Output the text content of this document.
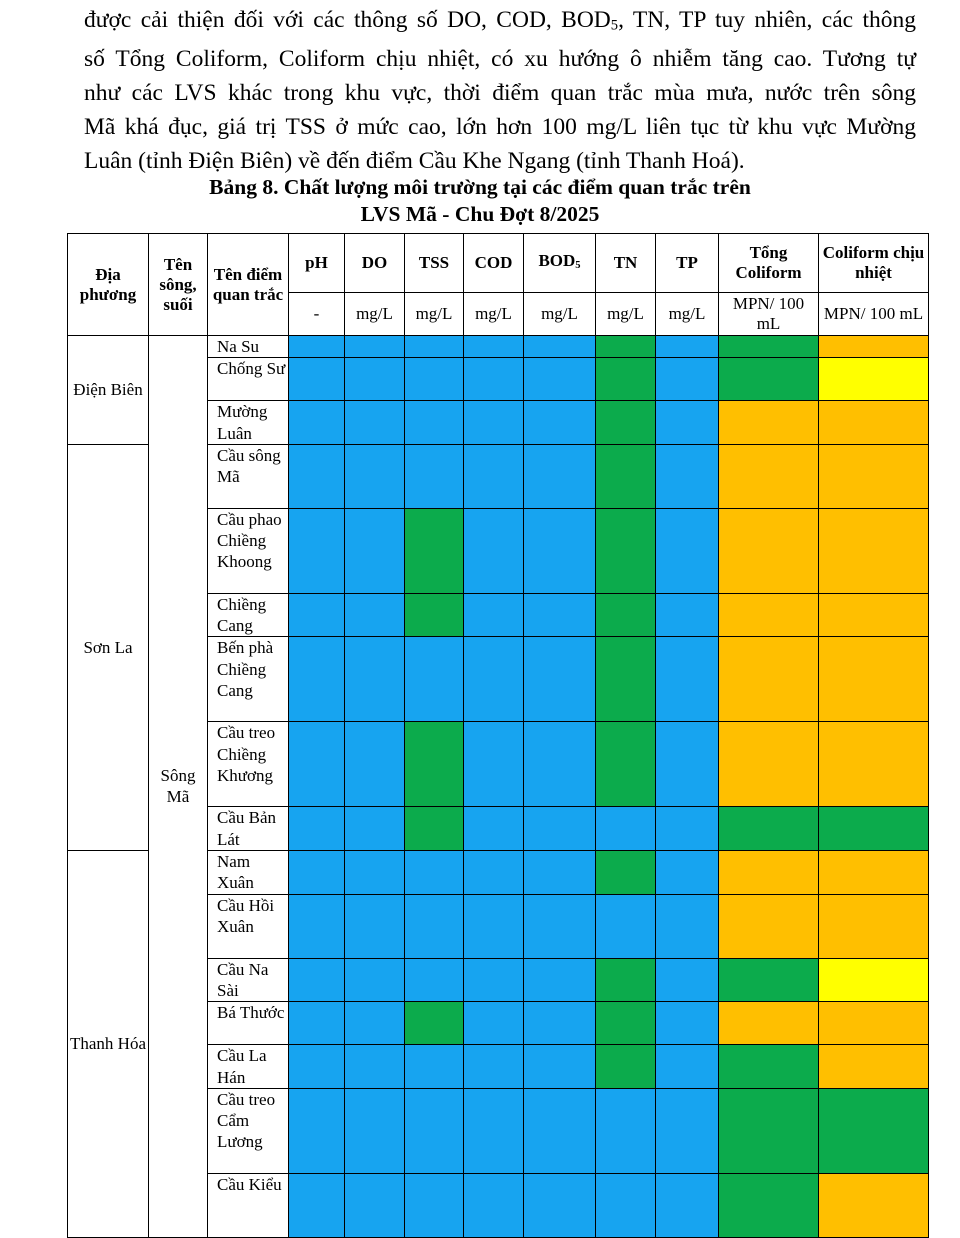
được cải thiện đối với các thông số DO, COD, BOD5, TN, TP tuy nhiên, các thông
số Tổng Coliform, Coliform chịu nhiệt, có xu hướng ô nhiễm tăng cao. Tương tự
như các LVS khác trong khu vực, thời điểm quan trắc mùa mưa, nước trên sông
Mã khá đục, giá trị TSS ở mức cao, lớn hơn 100 mg/L liên tục từ khu vực Mường
Luân (tỉnh Điện Biên) về đến điểm Cầu Khe Ngang (tỉnh Thanh Hoá).
Bảng 8. Chất lượng môi trường tại các điểm quan trắc trên
LVS Mã - Chu Đợt 8/2025
Địa phương	Tên sông, suối	Tên điểm quan trắc	pH	DO	TSS	COD	BOD5	TN	TP	Tổng Coliform	Coliform chịu nhiệt
			-	mg/L	mg/L	mg/L	mg/L	mg/L	mg/L	MPN/ 100 mL	MPN/ 100 mL
Điện Biên	Sông Mã	Na Su									
		Chống Sư									
		Mường Luân									
Sơn La		Cầu sông Mã									
		Cầu phao Chiềng Khoong									
		Chiềng Cang									
		Bến phà Chiềng Cang									
		Cầu treo Chiềng Khương									
		Cầu Bản Lát									
Thanh Hóa		Nam Xuân									
		Cầu Hồi Xuân									
		Cầu Na Sài									
		Bá Thước									
		Cầu La Hán									
		Cầu treo Cẩm Lương									
		Cầu Kiểu									
